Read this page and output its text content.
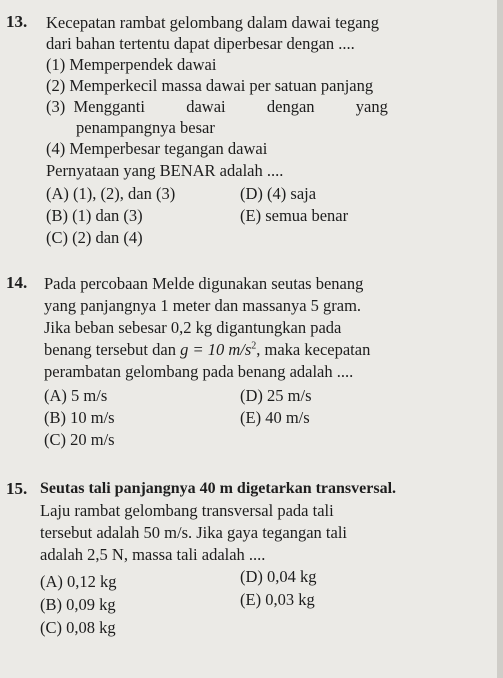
13. Kecepatan rambat gelombang dalam dawai tegang
dari bahan tertentu dapat diperbesar dengan ....
(1) Memperpendek dawai
(2) Memperkecil massa dawai per satuan panjang
(3)  Mengganti          dawai          dengan          yang
penampangnya besar
(4) Memperbesar tegangan dawai
Pernyataan yang BENAR adalah ....
(A) (1), (2), dan (3)
(B) (1) dan (3)
(C) (2) dan (4)
(D) (4) saja
(E) semua benar
14. Pada percobaan Melde digunakan seutas benang
yang panjangnya 1 meter dan massanya 5 gram.
Jika beban sebesar 0,2 kg digantungkan pada
benang tersebut dan g = 10 $m/s^2$, maka kecepatan
perambatan gelombang pada benang adalah ....
(A) 5 m/s
(B) 10 m/s
(C) 20 m/s
(D) 25 m/s
(E) 40 m/s
15. Seutas tali panjangnya 40 m digetarkan transversal.
Laju rambat gelombang transversal pada tali
tersebut adalah 50 m/s. Jika gaya tegangan tali
adalah 2,5 N, massa tali adalah ....
(A) 0,12 kg
(B) 0,09 kg
(C) 0,08 kg
(D) 0,04 kg
(E) 0,03 kg
